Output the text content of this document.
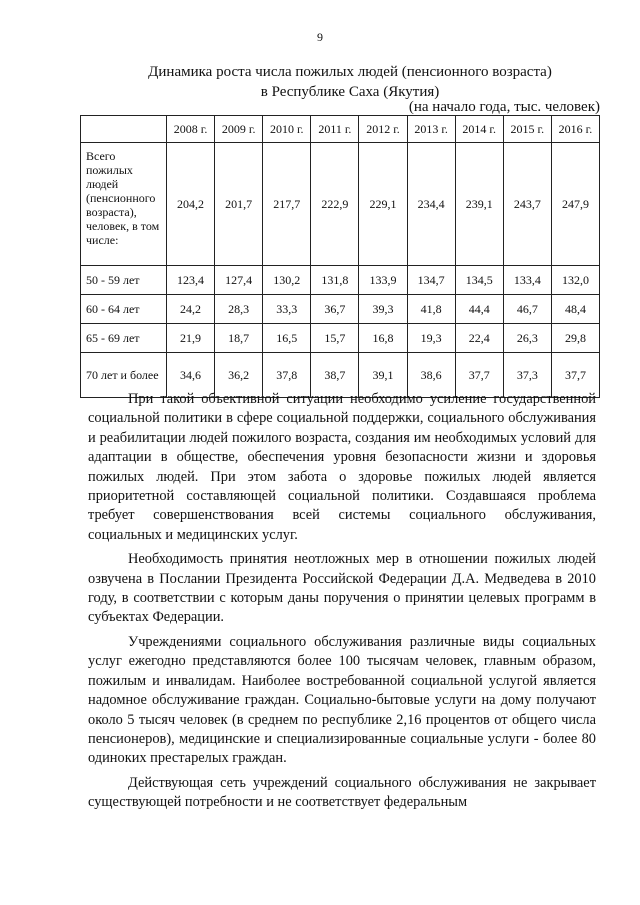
9
Динамика роста числа пожилых людей (пенсионного возраста)
в Республике Саха (Якутия)
(на начало года, тыс. человек)
	2008 г.	2009 г.	2010 г.	2011 г.	2012 г.	2013 г.	2014 г.	2015 г.	2016 г.
Всего пожилых людей (пенсионного возраста), человек, в том числе:	204,2	201,7	217,7	222,9	229,1	234,4	239,1	243,7	247,9
50 - 59 лет	123,4	127,4	130,2	131,8	133,9	134,7	134,5	133,4	132,0
60 - 64 лет	24,2	28,3	33,3	36,7	39,3	41,8	44,4	46,7	48,4
65 - 69 лет	21,9	18,7	16,5	15,7	16,8	19,3	22,4	26,3	29,8
70 лет и более	34,6	36,2	37,8	38,7	39,1	38,6	37,7	37,3	37,7

При такой объективной ситуации необходимо усиление государственной социальной политики в сфере социальной поддержки, социального обслуживания и реабилитации людей пожилого возраста, создания им необходимых условий для адаптации в обществе, обеспечения уровня безопасности жизни и здоровья пожилых людей. При этом забота о здоровье пожилых людей является приоритетной составляющей социальной политики. Создавшаяся проблема требует совершенствования всей системы социального обслуживания, социальных и медицинских услуг.

Необходимость принятия неотложных мер в отношении пожилых людей озвучена в Послании Президента Российской Федерации Д.А. Медведева в 2010 году, в соответствии с которым даны поручения о принятии целевых программ в субъектах Федерации.

Учреждениями социального обслуживания различные виды социальных услуг ежегодно представляются более 100 тысячам человек, главным образом, пожилым и инвалидам. Наиболее востребованной социальной услугой является надомное обслуживание граждан. Социально-бытовые услуги на дому получают около 5 тысяч человек (в среднем по республике 2,16 процентов от общего числа пенсионеров), медицинские и специализированные социальные услуги - более 80 одиноких престарелых граждан.

Действующая сеть учреждений социального обслуживания не закрывает существующей потребности и не соответствует федеральным
